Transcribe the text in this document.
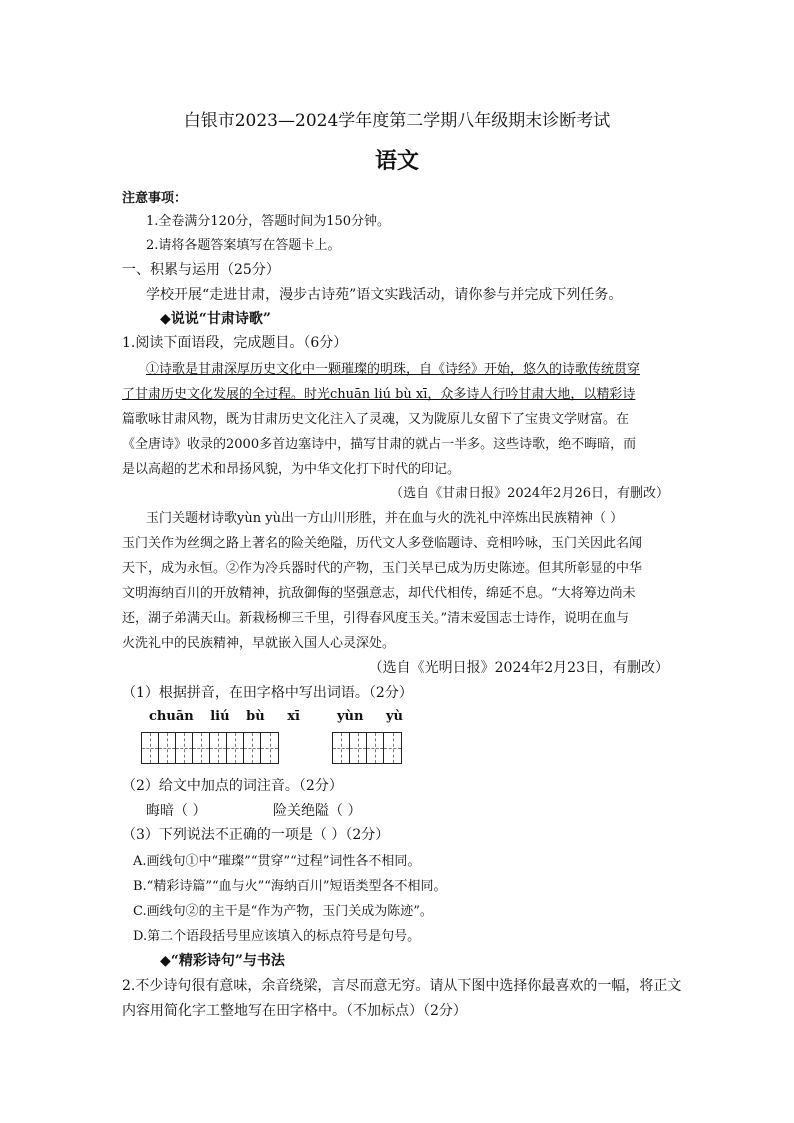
白银市2023—2024学年度第二学期八年级期末诊断考试
语文
注意事项：
1.全卷满分120分，答题时间为150分钟。
2.请将各题答案填写在答题卡上。
一、积累与运用（25分）
学校开展“走进甘肃，漫步古诗苑”语文实践活动，请你参与并完成下列任务。
◆说说“甘肃诗歌”
1.阅读下面语段，完成题目。（6分）
①诗歌是甘肃深厚历史文化中一颗璀璨的明珠，自《诗经》开始，悠久的诗歌传统贯穿
了甘肃历史文化发展的全过程。时光chuān liú bù xī，众多诗人行吟甘肃大地，以精彩诗
篇歌咏甘肃风物，既为甘肃历史文化注入了灵魂，又为陇原儿女留下了宝贵文学财富。在
《全唐诗》收录的2000多首边塞诗中，描写甘肃的就占一半多。这些诗歌，绝不晦暗，而
是以高超的艺术和昂扬风貌，为中华文化打下时代的印记。
（选自《甘肃日报》2024年2月26日，有删改）
玉门关题材诗歌yùn yù出一方山川形胜，并在血与火的洗礼中淬炼出民族精神（ ）
玉门关作为丝绸之路上著名的险关绝隘，历代文人多登临题诗、竞相吟咏，玉门关因此名闻
天下，成为永恒。②作为冷兵器时代的产物，玉门关早已成为历史陈迹。但其所彰显的中华
文明海纳百川的开放精神，抗敌御侮的坚强意志，却代代相传，绵延不息。“大将筹边尚未
还，湖子弟满天山。新栽杨柳三千里，引得春风度玉关。”清末爱国志士诗作，说明在血与
火洗礼中的民族精神，早就嵌入国人心灵深处。
（选自《光明日报》2024年2月23日，有删改）
（1）根据拼音，在田字格中写出词语。（2分）
chuān liú bù xī	yùn yù
（2）给文中加点的词注音。（2分）
晦暗（ ）	险关绝隘（ ）
（3）下列说法不正确的一项是（ ）（2分）
A.画线句①中“璀璨”“贯穿”“过程”词性各不相同。
B.“精彩诗篇”“血与火”“海纳百川”短语类型各不相同。
C.画线句②的主干是“作为产物，玉门关成为陈迹”。
D.第二个语段括号里应该填入的标点符号是句号。
◆“精彩诗句”与书法
2.不少诗句很有意味，余音绕梁，言尽而意无穷。请从下图中选择你最喜欢的一幅，将正文
内容用简化字工整地写在田字格中。（不加标点）（2分）
